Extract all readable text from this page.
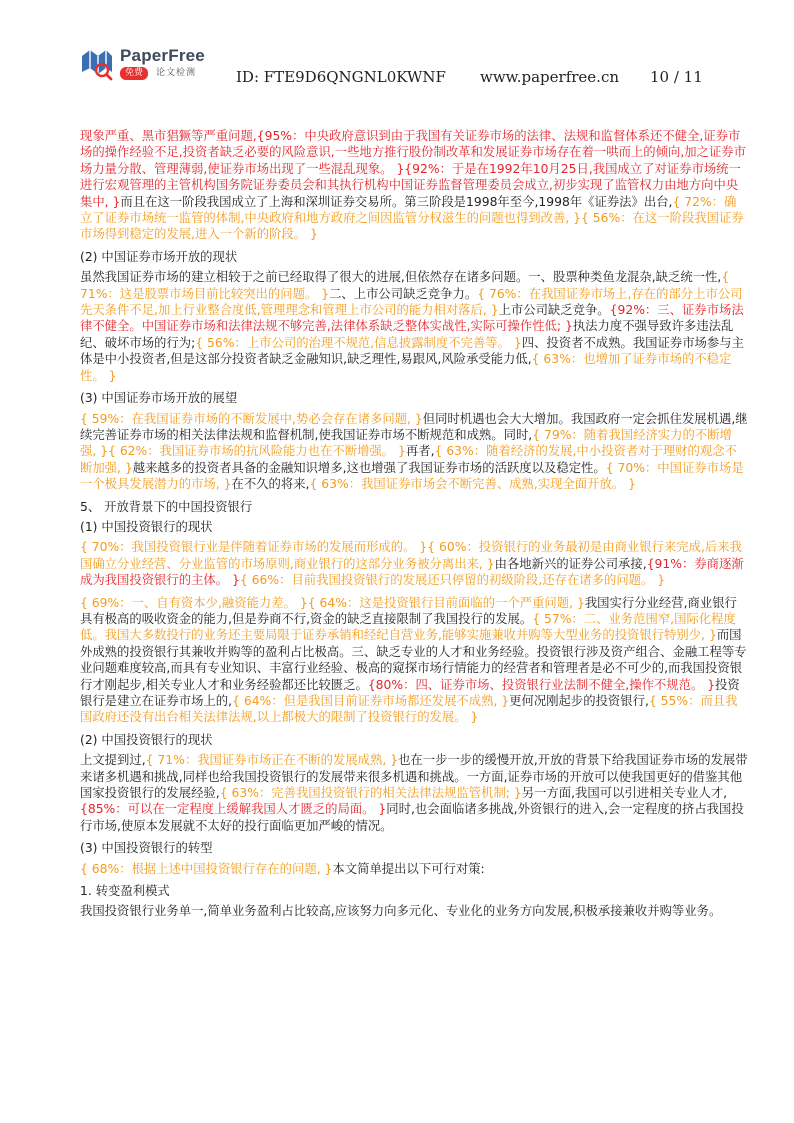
PaperFree
免费	论文检测	ID: FTE9D6QNGNL0KWNF www.paperfree.cn 10 / 11

现象严重、黑市猖獗等严重问题,{95%：中央政府意识到由于我国有关证券市场的法律、法规和监督体系还不健全,证券市场的操作经验不足,投资者缺乏必要的风险意识,一些地方推行股份制改革和发展证券市场存在着一哄而上的倾向,加之证券市场力量分散、管理薄弱,使证券市场出现了一些混乱现象。 }{92%：于是在1992年10月25日,我国成立了对证券市场统一进行宏观管理的主管机构国务院证券委员会和其执行机构中国证券监督管理委员会成立,初步实现了监管权力由地方向中央集中, }而且在这一阶段我国成立了上海和深圳证券交易所。第三阶段是1998年至今,1998年《证券法》出台,{ 72%：确立了证券市场统一监管的体制,中央政府和地方政府之间因监管分权滋生的问题也得到改善, }{ 56%：在这一阶段我国证券市场得到稳定的发展,进入一个新的阶段。 }

(2) 中国证券市场开放的现状

虽然我国证券市场的建立相较于之前已经取得了很大的进展,但依然存在诸多问题。一、股票种类鱼龙混杂,缺乏统一性,{ 71%：这是股票市场目前比较突出的问题。 }二、上市公司缺乏竞争力。{ 76%：在我国证券市场上,存在的部分上市公司先天条件不足,加上行业整合度低,管理理念和管理上市公司的能力相对落后, }上市公司缺乏竞争。{92%：三、证券市场法律不健全。中国证券市场和法律法规不够完善,法律体系缺乏整体实战性,实际可操作性低; }执法力度不强导致许多违法乱纪、破坏市场的行为;{ 56%：上市公司的治理不规范,信息披露制度不完善等。 }四、投资者不成熟。我国证券市场参与主体是中小投资者,但是这部分投资者缺乏金融知识,缺乏理性,易跟风,风险承受能力低,{ 63%：也增加了证券市场的不稳定性。 }

(3) 中国证券市场开放的展望

{ 59%：在我国证券市场的不断发展中,势必会存在诸多问题, }但同时机遇也会大大增加。我国政府一定会抓住发展机遇,继续完善证券市场的相关法律法规和监督机制,使我国证券市场不断规范和成熟。同时,{ 79%：随着我国经济实力的不断增强, }{ 62%：我国证券市场的抗风险能力也在不断增强。 }再者,{ 63%：随着经济的发展,中小投资者对于理财的观念不断加强, }越来越多的投资者具备的金融知识增多,这也增强了我国证券市场的活跃度以及稳定性。{ 70%：中国证券市场是一个极具发展潜力的市场, }在不久的将来,{ 63%：我国证券市场会不断完善、成熟,实现全面开放。 }

5、 开放背景下的中国投资银行

(1) 中国投资银行的现状

{ 70%：我国投资银行业是伴随着证券市场的发展而形成的。 }{ 60%：投资银行的业务最初是由商业银行来完成,后来我国确立分业经营、分业监管的市场原则,商业银行的这部分业务被分离出来, }由各地新兴的证券公司承接,{91%：券商逐渐成为我国投资银行的主体。 }{ 66%：目前我国投资银行的发展还只停留的初级阶段,还存在诸多的问题。 }

{ 69%：一、自有资本少,融资能力差。 }{ 64%：这是投资银行目前面临的一个严重问题, }我国实行分业经营,商业银行具有极高的吸收资金的能力,但是券商不行,资金的缺乏直接限制了我国投行的发展。{ 57%：二、业务范围窄,国际化程度低。我国大多数投行的业务还主要局限于证券承销和经纪自营业务,能够实施兼收并购等大型业务的投资银行特别少, }而国外成熟的投资银行其兼收并购等的盈利占比极高。三、缺乏专业的人才和业务经验。投资银行涉及资产组合、金融工程等专业问题难度较高,而具有专业知识、丰富行业经验、极高的窥探市场行情能力的经营者和管理者是必不可少的,而我国投资银行才刚起步,相关专业人才和业务经验都还比较匮乏。{80%：四、证券市场、投资银行业法制不健全,操作不规范。 }投资银行是建立在证券市场上的,{ 64%：但是我国目前证券市场都还发展不成熟, }更何况刚起步的投资银行,{ 55%：而且我国政府还没有出台相关法律法规,以上都极大的限制了投资银行的发展。 }

(2) 中国投资银行的现状

上文提到过,{ 71%：我国证券市场正在不断的发展成熟, }也在一步一步的缓慢开放,开放的背景下给我国证券市场的发展带来诸多机遇和挑战,同样也给我国投资银行的发展带来很多机遇和挑战。一方面,证券市场的开放可以使我国更好的借鉴其他国家投资银行的发展经验,{ 63%：完善我国投资银行的相关法律法规监管机制; }另一方面,我国可以引进相关专业人才,{85%：可以在一定程度上缓解我国人才匮乏的局面。 }同时,也会面临诸多挑战,外资银行的进入,会一定程度的挤占我国投行市场,使原本发展就不太好的投行面临更加严峻的情况。

(3) 中国投资银行的转型

{ 68%：根据上述中国投资银行存在的问题, }本文简单提出以下可行对策:

1. 转变盈利模式

我国投资银行业务单一,简单业务盈利占比较高,应该努力向多元化、专业化的业务方向发展,积极承接兼收并购等业务。
